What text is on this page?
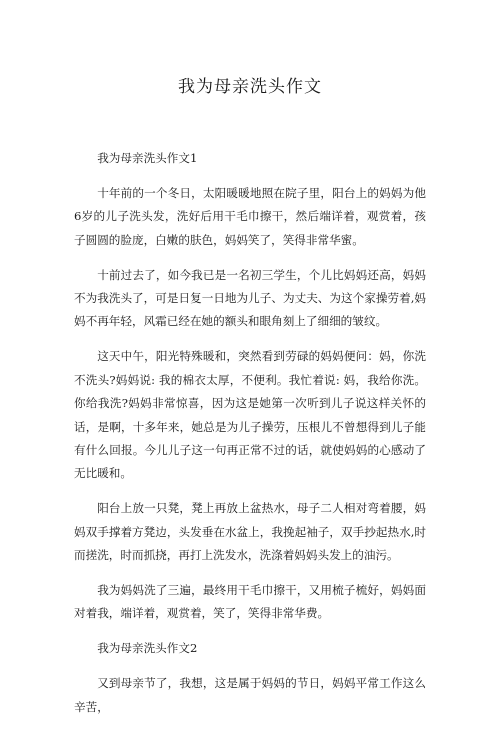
我为母亲洗头作文

我为母亲洗头作文1

十年前的一个冬日，太阳暖暖地照在院子里，阳台上的妈妈为他6岁的儿子洗头发，洗好后用干毛巾擦干，然后端详着，观赏着，孩子圆圆的脸庞，白嫩的肤色，妈妈笑了，笑得非常华蜜。

十前过去了，如今我已是一名初三学生，个儿比妈妈还高，妈妈不为我洗头了，可是日复一日地为儿子、为丈夫、为这个家操劳着,妈妈不再年轻，风霜已经在她的额头和眼角刻上了细细的皱纹。

这天中午，阳光特殊暖和，突然看到劳碌的妈妈便问：妈，你洗不洗头?妈妈说: 我的棉衣太厚，不便利。我忙着说: 妈，我给你洗。你给我洗?妈妈非常惊喜，因为这是她第一次听到儿子说这样关怀的话，是啊，十多年来，她总是为儿子操劳，压根儿不曾想得到儿子能有什么回报。今儿儿子这一句再正常不过的话，就使妈妈的心感动了无比暖和。

阳台上放一只凳，凳上再放上盆热水，母子二人相对弯着腰，妈妈双手撑着方凳边，头发垂在水盆上，我挽起袖子，双手抄起热水,时而搓洗，时而抓挠，再打上洗发水，洗涤着妈妈头发上的油污。

我为妈妈洗了三遍，最终用干毛巾擦干，又用梳子梳好，妈妈面对着我，端详着，观赏着，笑了，笑得非常华费。

我为母亲洗头作文2

又到母亲节了，我想，这是属于妈妈的节日，妈妈平常工作这么辛苦，
